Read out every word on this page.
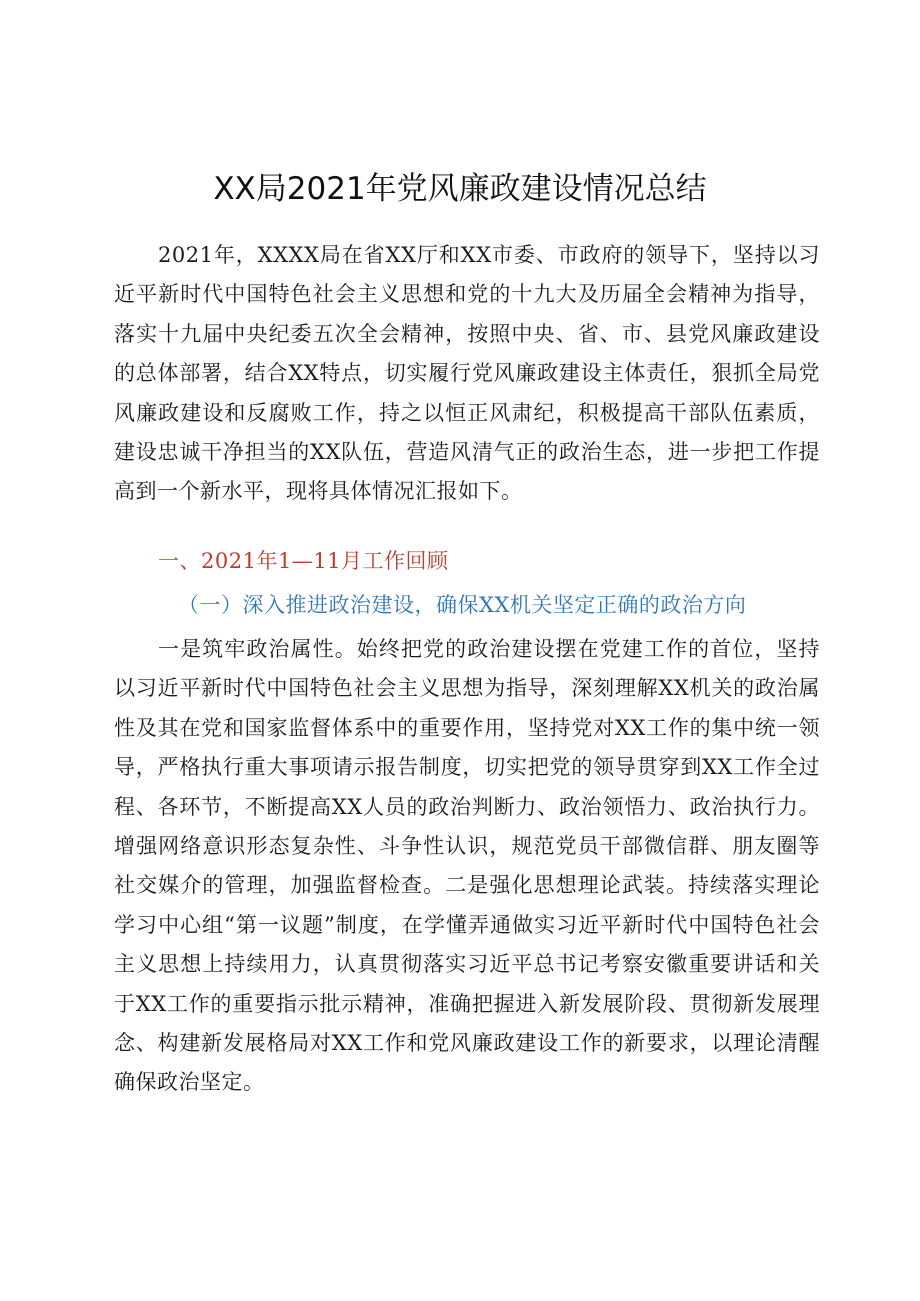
XX局2021年党风廉政建设情况总结

2021年，XXXX局在省XX厅和XX市委、市政府的领导下，坚持以习近平新时代中国特色社会主义思想和党的十九大及历届全会精神为指导，落实十九届中央纪委五次全会精神，按照中央、省、市、县党风廉政建设的总体部署，结合XX特点，切实履行党风廉政建设主体责任，狠抓全局党风廉政建设和反腐败工作，持之以恒正风肃纪，积极提高干部队伍素质，建设忠诚干净担当的XX队伍，营造风清气正的政治生态，进一步把工作提高到一个新水平，现将具体情况汇报如下。

一、2021年1—11月工作回顾
（一）深入推进政治建设，确保XX机关坚定正确的政治方向

一是筑牢政治属性。始终把党的政治建设摆在党建工作的首位，坚持以习近平新时代中国特色社会主义思想为指导，深刻理解XX机关的政治属性及其在党和国家监督体系中的重要作用，坚持党对XX工作的集中统一领导，严格执行重大事项请示报告制度，切实把党的领导贯穿到XX工作全过程、各环节，不断提高XX人员的政治判断力、政治领悟力、政治执行力。增强网络意识形态复杂性、斗争性认识，规范党员干部微信群、朋友圈等社交媒介的管理，加强监督检查。二是强化思想理论武装。持续落实理论学习中心组“第一议题”制度，在学懂弄通做实习近平新时代中国特色社会主义思想上持续用力，认真贯彻落实习近平总书记考察安徽重要讲话和关于XX工作的重要指示批示精神，准确把握进入新发展阶段、贯彻新发展理念、构建新发展格局对XX工作和党风廉政建设工作的新要求，以理论清醒确保政治坚定。
